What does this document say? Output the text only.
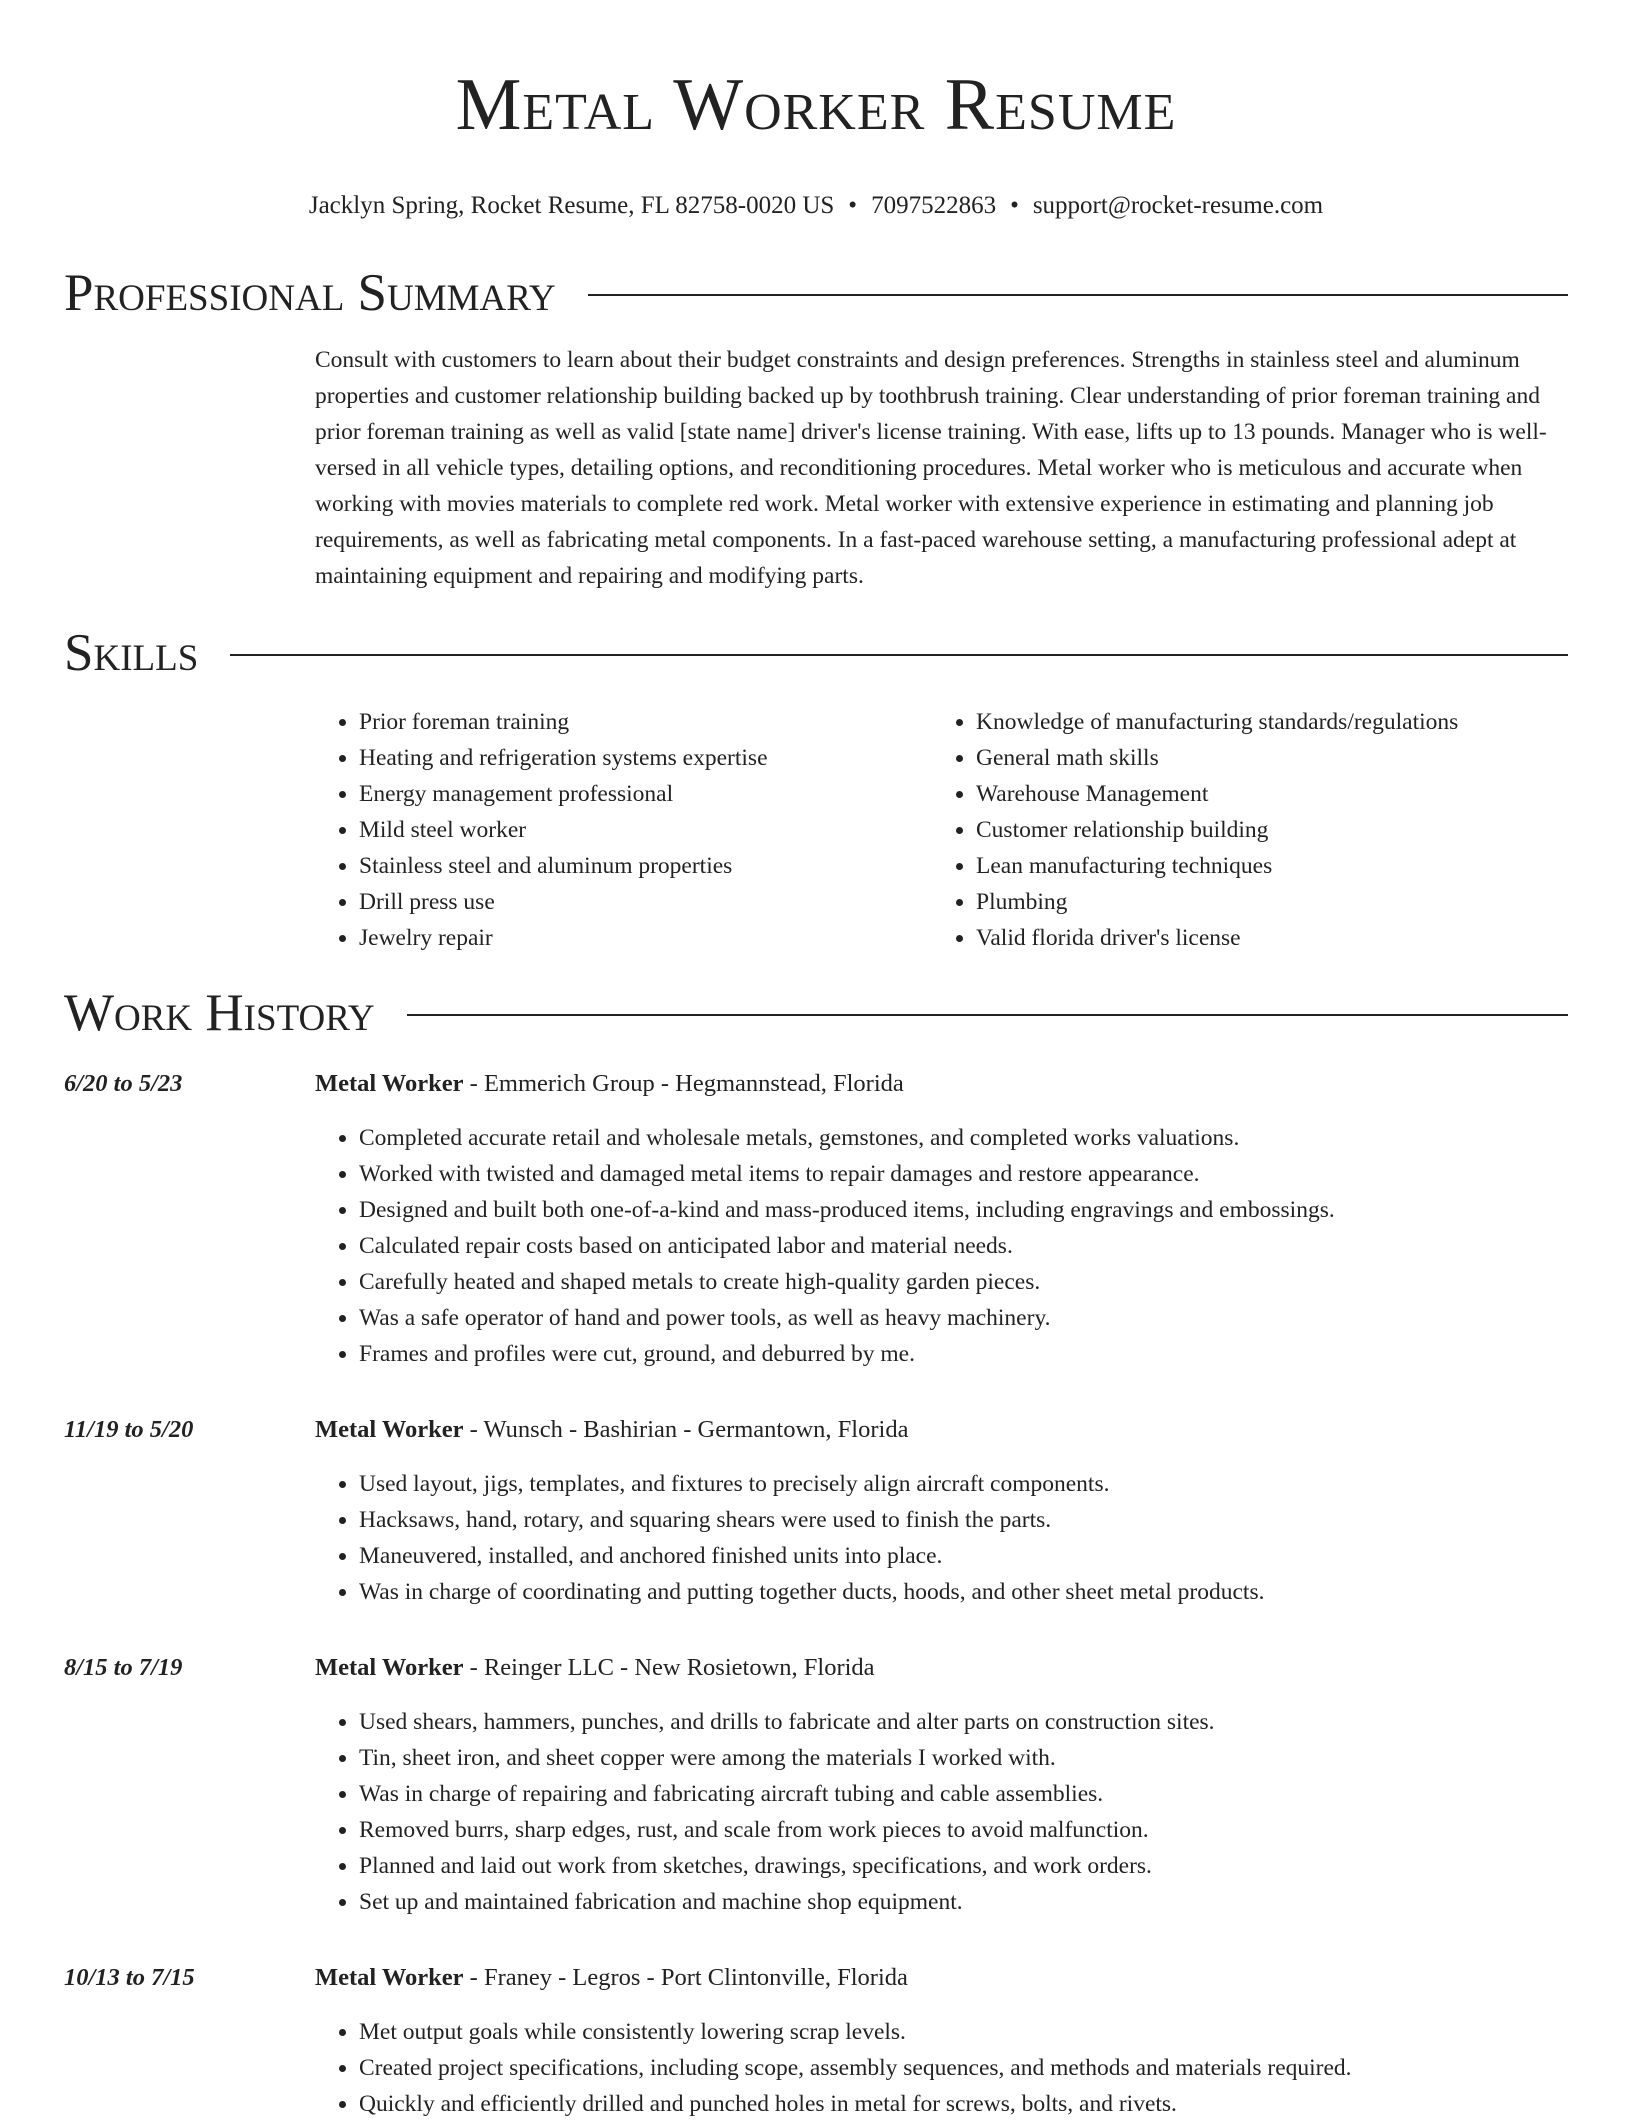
Metal Worker Resume
Jacklyn Spring, Rocket Resume, FL 82758-0020 US • 7097522863 • support@rocket-resume.com
Professional Summary
Consult with customers to learn about their budget constraints and design preferences. Strengths in stainless steel and aluminum properties and customer relationship building backed up by toothbrush training. Clear understanding of prior foreman training and prior foreman training as well as valid [state name] driver's license training. With ease, lifts up to 13 pounds. Manager who is well-versed in all vehicle types, detailing options, and reconditioning procedures. Metal worker who is meticulous and accurate when working with movies materials to complete red work. Metal worker with extensive experience in estimating and planning job requirements, as well as fabricating metal components. In a fast-paced warehouse setting, a manufacturing professional adept at maintaining equipment and repairing and modifying parts.
Skills
• Prior foreman training
• Heating and refrigeration systems expertise
• Energy management professional
• Mild steel worker
• Stainless steel and aluminum properties
• Drill press use
• Jewelry repair
• Knowledge of manufacturing standards/regulations
• General math skills
• Warehouse Management
• Customer relationship building
• Lean manufacturing techniques
• Plumbing
• Valid florida driver's license
Work History
6/20 to 5/23	Metal Worker - Emmerich Group - Hegmannstead, Florida
• Completed accurate retail and wholesale metals, gemstones, and completed works valuations.
• Worked with twisted and damaged metal items to repair damages and restore appearance.
• Designed and built both one-of-a-kind and mass-produced items, including engravings and embossings.
• Calculated repair costs based on anticipated labor and material needs.
• Carefully heated and shaped metals to create high-quality garden pieces.
• Was a safe operator of hand and power tools, as well as heavy machinery.
• Frames and profiles were cut, ground, and deburred by me.
11/19 to 5/20	Metal Worker - Wunsch - Bashirian - Germantown, Florida
• Used layout, jigs, templates, and fixtures to precisely align aircraft components.
• Hacksaws, hand, rotary, and squaring shears were used to finish the parts.
• Maneuvered, installed, and anchored finished units into place.
• Was in charge of coordinating and putting together ducts, hoods, and other sheet metal products.
8/15 to 7/19	Metal Worker - Reinger LLC - New Rosietown, Florida
• Used shears, hammers, punches, and drills to fabricate and alter parts on construction sites.
• Tin, sheet iron, and sheet copper were among the materials I worked with.
• Was in charge of repairing and fabricating aircraft tubing and cable assemblies.
• Removed burrs, sharp edges, rust, and scale from work pieces to avoid malfunction.
• Planned and laid out work from sketches, drawings, specifications, and work orders.
• Set up and maintained fabrication and machine shop equipment.
10/13 to 7/15	Metal Worker - Franey - Legros - Port Clintonville, Florida
• Met output goals while consistently lowering scrap levels.
• Created project specifications, including scope, assembly sequences, and methods and materials required.
• Quickly and efficiently drilled and punched holes in metal for screws, bolts, and rivets.
